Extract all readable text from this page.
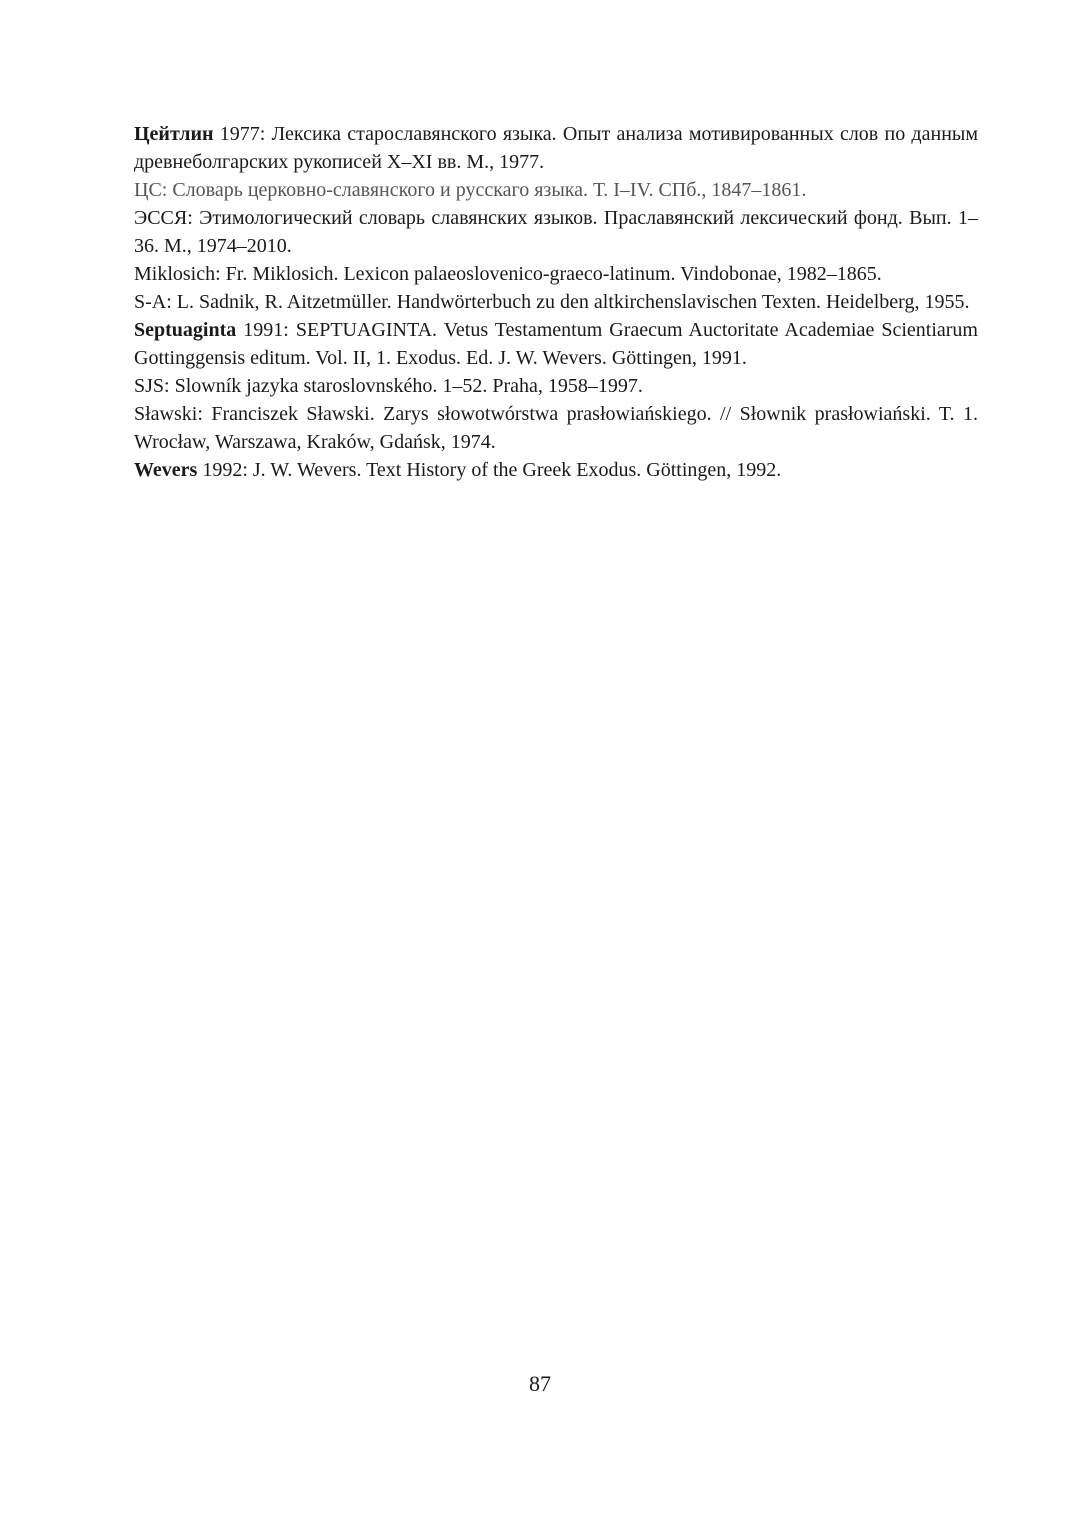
Цейтлин 1977: Лексика старославянского языка. Опыт анализа мотивированных слов по данным древнеболгарских рукописей X–XI вв. М., 1977.

ЦС: Словарь церковно-славянского и русскаго языка. Т. I–IV. СПб., 1847–1861.

ЭССЯ: Этимологический словарь славянских языков. Праславянский лексический фонд. Вып. 1–36. М., 1974–2010.

Miklosich: Fr. Miklosich. Lexicon palaeoslovenico-graeco-latinum. Vindobonae, 1982–1865.

S-A: L. Sadnik, R. Aitzetmüller. Handwörterbuch zu den altkirchenslavischen Texten. Heidelberg, 1955.

Septuaginta 1991: SEPTUAGINTA. Vetus Testamentum Graecum Auctoritate Academiae Scientiarum Gottinggensis editum. Vol. II, 1. Exodus. Ed. J. W. Wevers. Göttingen, 1991.

SJS: Slowník jazyka staroslovnského. 1–52. Praha, 1958–1997.

Sławski: Franciszek Sławski. Zarys słowotwórstwa prasłowiańskiego. // Słownik prasłowiański. T. 1. Wrocław, Warszawa, Kraków, Gdańsk, 1974.

Wevers 1992: J. W. Wevers. Text History of the Greek Exodus. Göttingen, 1992.

87
